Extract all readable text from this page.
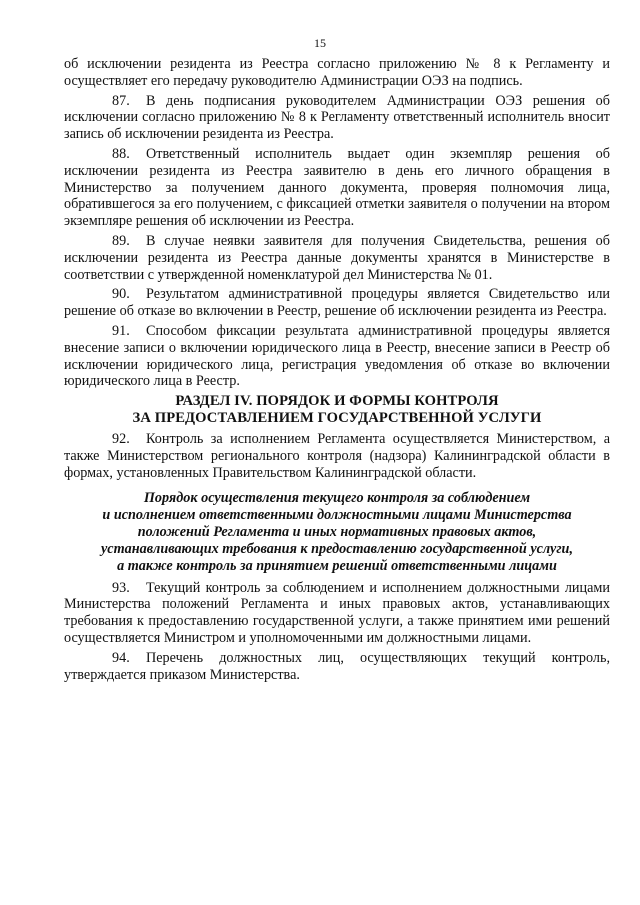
15

об исключении резидента из Реестра согласно приложению № 8 к Регламенту и осуществляет его передачу руководителю Администрации ОЭЗ на подпись.

87. В день подписания руководителем Администрации ОЭЗ решения об исключении согласно приложению № 8 к Регламенту ответственный исполнитель вносит запись об исключении резидента из Реестра.

88. Ответственный исполнитель выдает один экземпляр решения об исключении резидента из Реестра заявителю в день его личного обращения в Министерство за получением данного документа, проверяя полномочия лица, обратившегося за его получением, с фиксацией отметки заявителя о получении на втором экземпляре решения об исключении из Реестра.

89. В случае неявки заявителя для получения Свидетельства, решения об исключении резидента из Реестра данные документы хранятся в Министерстве в соответствии с утвержденной номенклатурой дел Министерства № 01.

90. Результатом административной процедуры является Свидетельство или решение об отказе во включении в Реестр, решение об исключении резидента из Реестра.

91. Способом фиксации результата административной процедуры является внесение записи о включении юридического лица в Реестр, внесение записи в Реестр об исключении юридического лица, регистрация уведомления об отказе во включении юридического лица в Реестр.

РАЗДЕЛ IV. ПОРЯДОК И ФОРМЫ КОНТРОЛЯ
ЗА ПРЕДОСТАВЛЕНИЕМ ГОСУДАРСТВЕННОЙ УСЛУГИ

92. Контроль за исполнением Регламента осуществляется Министерством, а также Министерством регионального контроля (надзора) Калининградской области в формах, установленных Правительством Калининградской области.

Порядок осуществления текущего контроля за соблюдением
и исполнением ответственными должностными лицами Министерства
положений Регламента и иных нормативных правовых актов,
устанавливающих требования к предоставлению государственной услуги,
а также контроль за принятием решений ответственными лицами

93. Текущий контроль за соблюдением и исполнением должностными лицами Министерства положений Регламента и иных правовых актов, устанавливающих требования к предоставлению государственной услуги, а также принятием ими решений осуществляется Министром и уполномоченными им должностными лицами.

94. Перечень должностных лиц, осуществляющих текущий контроль, утверждается приказом Министерства.
